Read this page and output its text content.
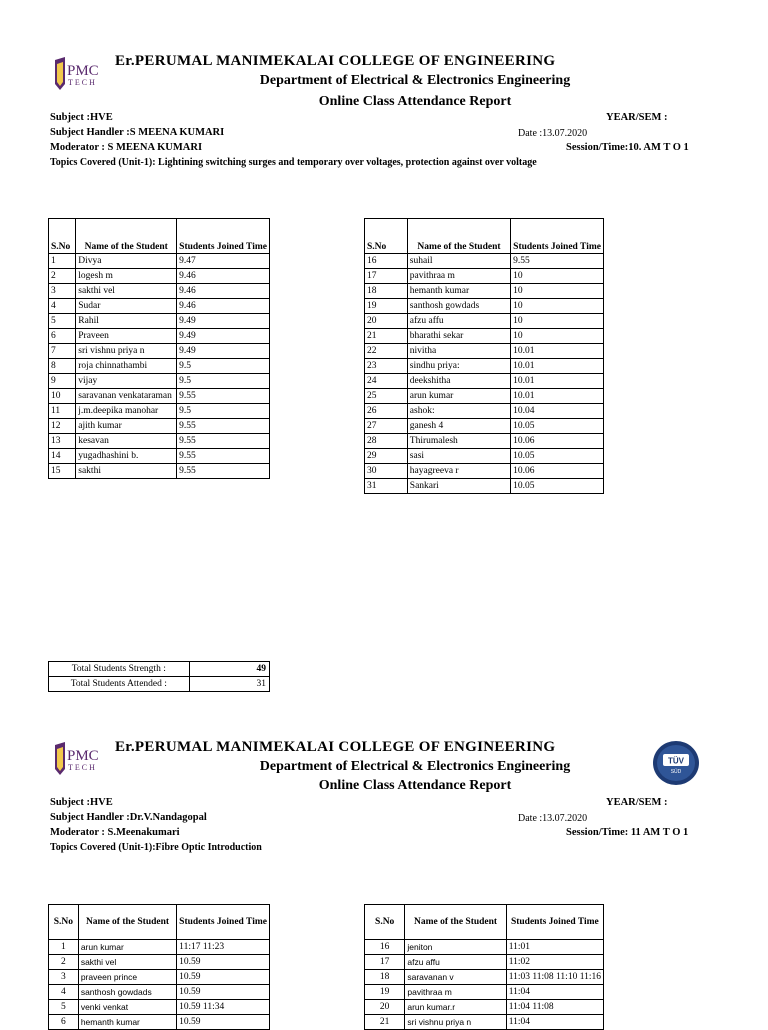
PMC
TECH
Er.PERUMAL MANIMEKALAI COLLEGE OF ENGINEERING
Department of Electrical & Electronics Engineering
Online Class Attendance Report
Subject :HVE	YEAR/SEM :
Subject Handler :S MEENA KUMARI	Date :13.07.2020
Moderator : S MEENA KUMARI	Session/Time:10. AM T O 1
Topics Covered (Unit-1): Lightining switching surges and temporary over voltages, protection against over voltage
S.No	Name of the Student	Students Joined Time
1	Divya	9.47
2	logesh m	9.46
3	sakthi vel	9.46
4	Sudar	9.46
5	Rahil	9.49
6	Praveen	9.49
7	sri vishnu priya n	9.49
8	roja chinnathambi	9.5
9	vijay	9.5
10	saravanan venkataraman	9.55
11	j.m.deepika manohar	9.5
12	ajith kumar	9.55
13	kesavan	9.55
14	yugadhashini b.	9.55
15	sakthi	9.55
S.No	Name of the Student	Students Joined Time
16	suhail	9.55
17	pavithraa m	10
18	hemanth kumar	10
19	santhosh gowdads	10
20	afzu affu	10
21	bharathi sekar	10
22	nivitha	10.01
23	sindhu priya:	10.01
24	deekshitha	10.01
25	arun kumar	10.01
26	ashok:	10.04
27	ganesh 4	10.05
28	Thirumalesh	10.06
29	sasi	10.05
30	hayagreeva r	10.06
31	Sankari	10.05
Total Students Strength :	49
Total Students Attended :	31
PMC
TECH
Er.PERUMAL MANIMEKALAI COLLEGE OF ENGINEERING
Department of Electrical & Electronics Engineering
Online Class Attendance Report
TÜV
SÜD
Subject :HVE	YEAR/SEM :
Subject Handler :Dr.V.Nandagopal	Date :13.07.2020
Moderator : S.Meenakumari	Session/Time: 11 AM T O 1
Topics Covered (Unit-1):Fibre Optic Introduction
S.No	Name of the Student	Students Joined Time
1	arun kumar	11:17 11:23
2	sakthi vel	10.59
3	praveen prince	10.59
4	santhosh gowdads	10.59
5	venki venkat	10.59 11:34
6	hemanth kumar	10.59
S.No	Name of the Student	Students Joined Time
16	jeniton	11:01
17	afzu affu	11:02
18	saravanan v	11:03 11:08 11:10 11:16
19	pavithraa m	11:04
20	arun kumar.r	11:04 11:08
21	sri vishnu priya n	11:04
